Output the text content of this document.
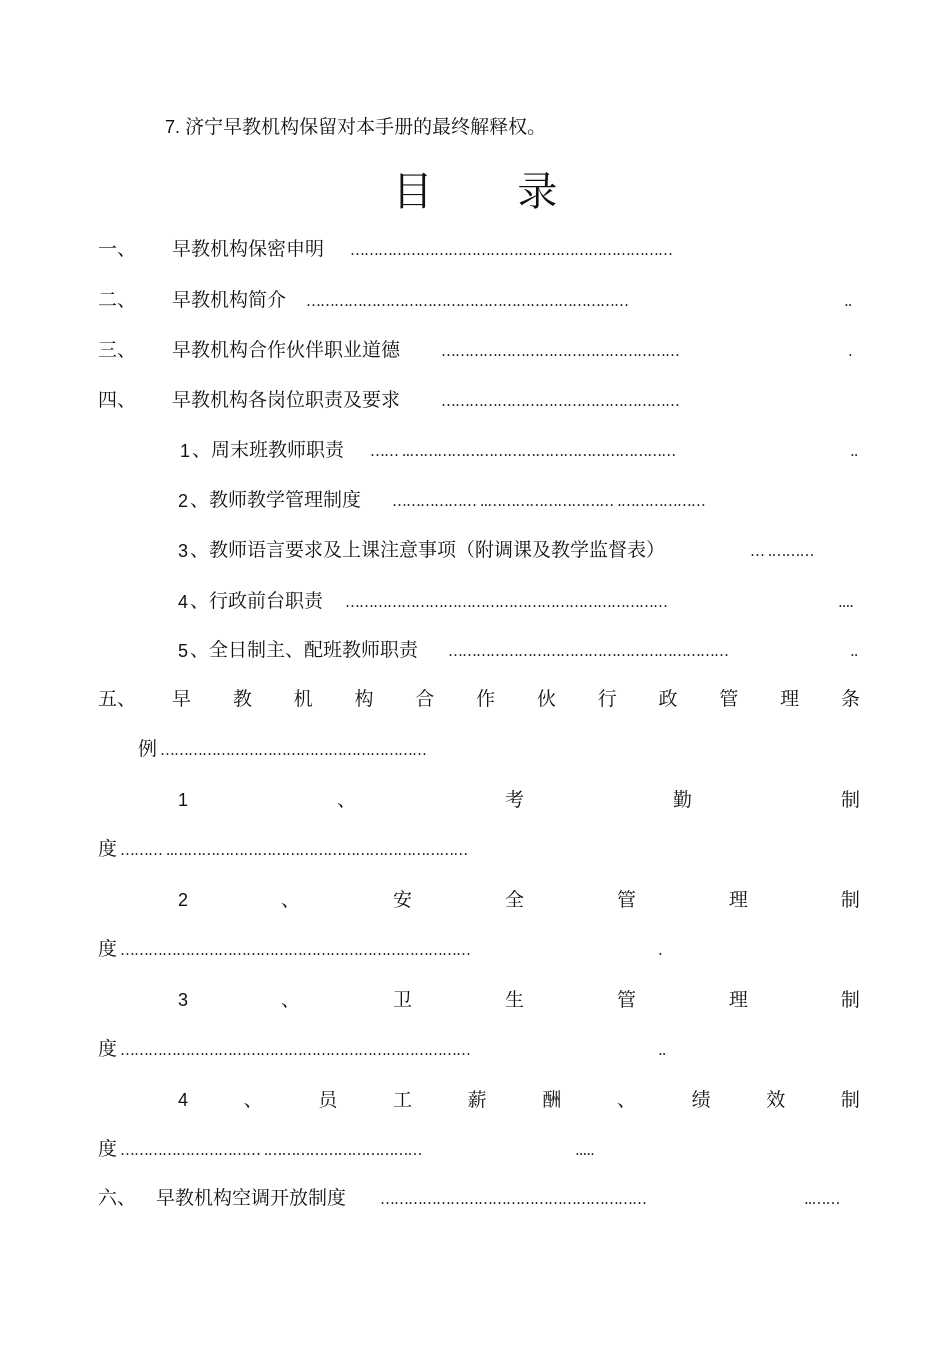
7. 济宁早教机构保留对本手册的最终解释权。
目 录
一、 早教机构保密申明 ……………………………………………………………
二、 早教机构简介 ……………………………………………………………	..
三、 早教机构合作伙伴职业道德	……………………………………………	.
四、 早教机构各岗位职责及要求	……………………………………………
1 、周末班教师职责 …… ..…………………………………………………	..
2 、教师教学管理制度 ……………… ..……………………… .………………
3 、教师语言要求及上课注意事项（附调课及教学监督表）	… .………
4 、行政前台职责 ……………………………………………………………	....
5 、全日制主、配班教师职责 ……………………………………………………	..
五、 早 教 机 构 合 作 伙 行 政 管 理 条
例 …………………………………………………
1	、	考	勤	制
度 ……… ..………………………………………………………
2	、	安	全	管	理	制
度 …………………………………………………………………	.
3	、	卫	生	管	理	制
度 …………………………………………………………………	..
4	、	员	工	薪	酬	、	绩	效	制
度 ………………………… .……………………………	.....
六、 早教机构空调开放制度 …………………………………………………	..……
